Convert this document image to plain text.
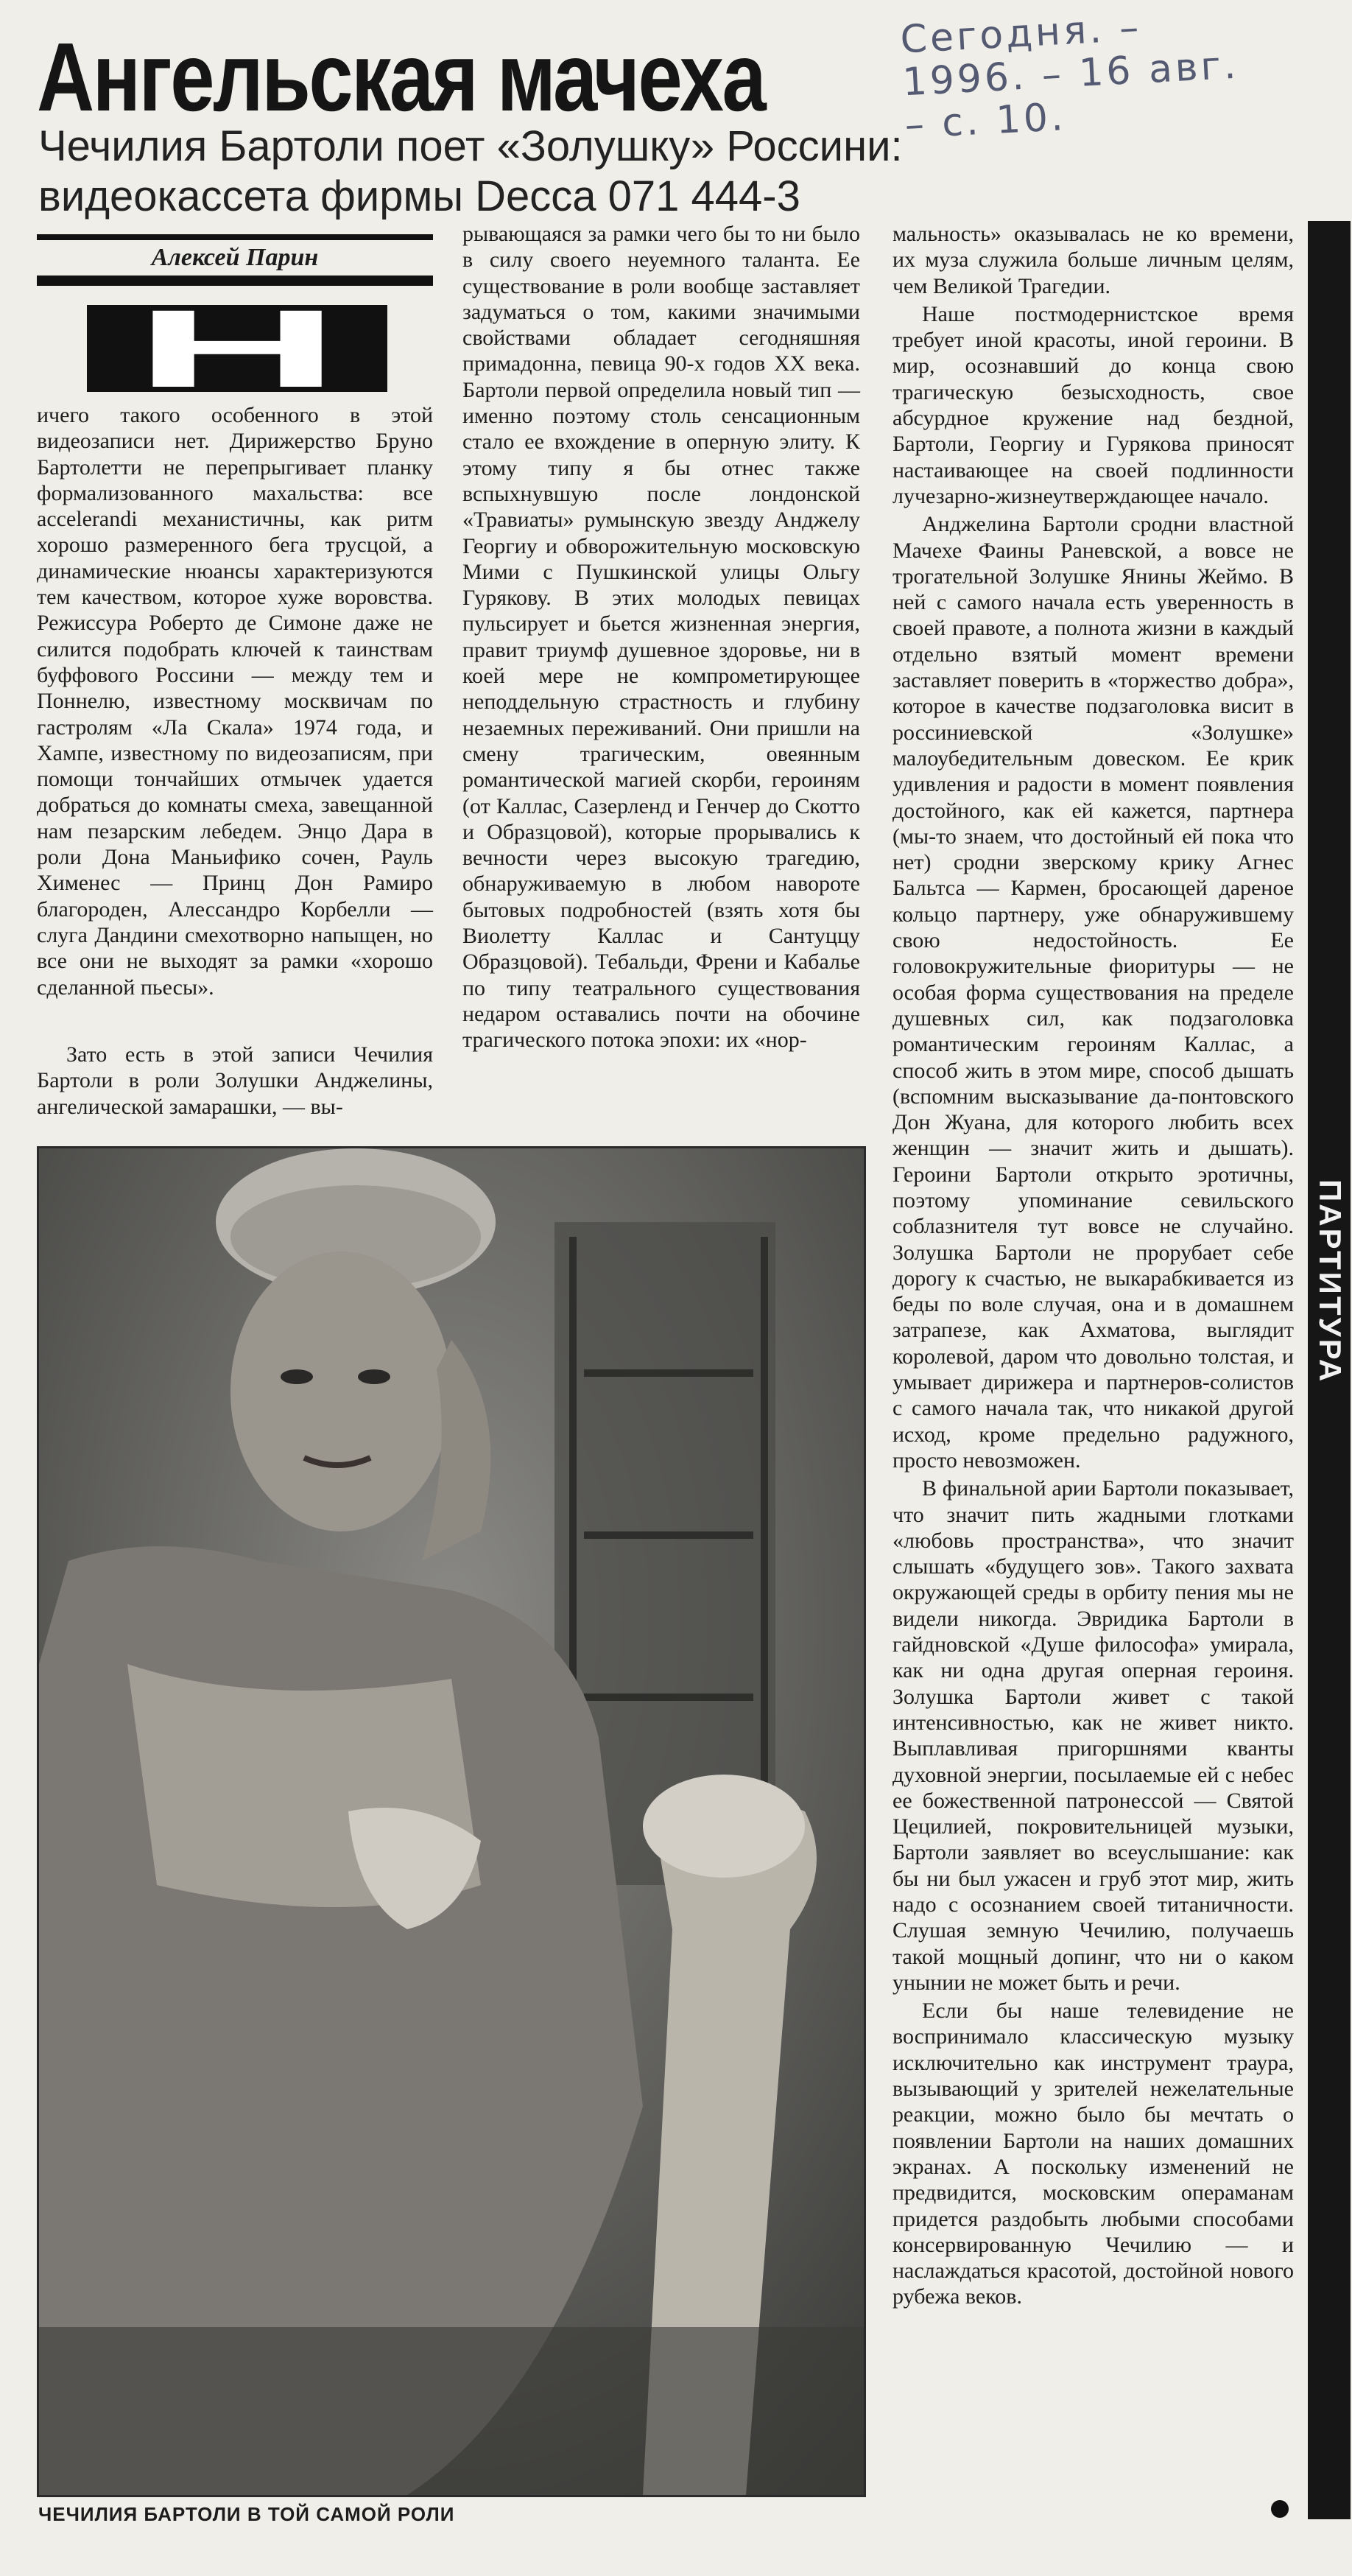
Ангельская мачеха	Сегодня. –
1996. – 16 авг.
– с. 10.
Чечилия Бартоли поет «Золушку» Россини: видеокассета фирмы Decca 071 444-3
Алексей Парин
Н

ичего такого особенного в этой видеозаписи нет. Дирижерство Бруно Бартолетти не перепрыгивает планку формализованного махальства: все accelerandi механистичны, как ритм хорошо размеренного бега трусцой, а динамические нюансы характеризуются тем качеством, которое хуже воровства. Режиссура Роберто де Симоне даже не силится подобрать ключей к таинствам буффового Россини — между тем и Поннелю, известному москвичам по гастролям «Ла Скала» 1974 года, и Хампе, известному по видеозаписям, при помощи тончайших отмычек удается добраться до комнаты смеха, завещанной нам пезарским лебедем. Энцо Дара в роли Дона Маньифико сочен, Рауль Хименес — Принц Дон Рамиро благороден, Алессандро Корбелли — слуга Дандини смехотворно напыщен, но все они не выходят за рамки «хорошо сделанной пьесы».

Зато есть в этой записи Чечилия Бартоли в роли Золушки Анджелины, ангелической замарашки, — вы-

рывающаяся за рамки чего бы то ни было в силу своего неуемного таланта. Ее существование в роли вообще заставляет задуматься о том, какими значимыми свойствами обладает сегодняшняя примадонна, певица 90-х годов XX века. Бартоли первой определила новый тип — именно поэтому столь сенсационным стало ее вхождение в оперную элиту. К этому типу я бы отнес также вспыхнувшую после лондонской «Травиаты» румынскую звезду Анджелу Георгиу и обворожительную московскую Мими с Пушкинской улицы Ольгу Гурякову. В этих молодых певицах пульсирует и бьется жизненная энергия, правит триумф душевное здоровье, ни в коей мере не компрометирующее неподдельную страстность и глубину незаемных переживаний. Они пришли на смену трагическим, овеянным романтической магией скорби, героиням (от Каллас, Сазерленд и Генчер до Скотто и Образцовой), которые прорывались к вечности через высокую трагедию, обнаруживаемую в любом навороте бытовых подробностей (взять хотя бы Виолетту Каллас и Сантуццу Образцовой). Тебальди, Френи и Кабалье по типу театрального существования недаром оставались почти на обочине трагического потока эпохи: их «нор-

мальность» оказывалась не ко времени, их муза служила больше личным целям, чем Великой Трагедии.

Наше постмодернистское время требует иной красоты, иной героини. В мир, осознавший до конца свою трагическую безысходность, свое абсурдное кружение над бездной, Бартоли, Георгиу и Гурякова приносят настаивающее на своей подлинности лучезарно-жизнеутверждающее начало.

Анджелина Бартоли сродни властной Мачехе Фаины Раневской, а вовсе не трогательной Золушке Янины Жеймо. В ней с самого начала есть уверенность в своей правоте, а полнота жизни в каждый отдельно взятый момент времени заставляет поверить в «торжество добра», которое в качестве подзаголовка висит в россиниевской «Золушке» малоубедительным довеском. Ее крик удивления и радости в момент появления достойного, как ей кажется, партнера (мы-то знаем, что достойный ей пока что нет) сродни зверскому крику Агнес Бальтса — Кармен, бросающей дареное кольцо партнеру, уже обнаружившему свою недостойность. Ее головокружительные фиоритуры — не особая форма существования на пределе душевных сил, как подзаголовка романтическим героиням Каллас, а способ жить в этом мире, способ дышать (вспомним высказывание да-понтовского Дон Жуана, для которого любить всех женщин — значит жить и дышать). Героини Бартоли открыто эротичны, поэтому упоминание севильского соблазнителя тут вовсе не случайно. Золушка Бартоли не прорубает себе дорогу к счастью, не выкарабкивается из беды по воле случая, она и в домашнем затрапезе, как Ахматова, выглядит королевой, даром что довольно толстая, и умывает дирижера и партнеров-солистов с самого начала так, что никакой другой исход, кроме предельно радужного, просто невозможен.

В финальной арии Бартоли показывает, что значит пить жадными глотками «любовь пространства», что значит слышать «будущего зов». Такого захвата окружающей среды в орбиту пения мы не видели никогда. Эвридика Бартоли в гайдновской «Душе философа» умирала, как ни одна другая оперная героиня. Золушка Бартоли живет с такой интенсивностью, как не живет никто. Выплавливая пригоршнями кванты духовной энергии, посылаемые ей с небес ее божественной патронессой — Святой Цецилией, покровительницей музыки, Бартоли заявляет во всеуслышание: как бы ни был ужасен и груб этот мир, жить надо с осознанием своей титаничности. Слушая земную Чечилию, получаешь такой мощный допинг, что ни о каком унынии не может быть и речи.

Если бы наше телевидение не воспринимало классическую музыку исключительно как инструмент траура, вызывающий у зрителей нежелательные реакции, можно было бы мечтать о появлении Бартоли на наших домашних экранах. А поскольку изменений не предвидится, московским операманам придется раздобыть любыми способами консервированную Чечилию — и наслаждаться красотой, достойной нового рубежа веков.

ЧЕЧИЛИЯ БАРТОЛИ В ТОЙ САМОЙ РОЛИ
ПАРТИТУРА
